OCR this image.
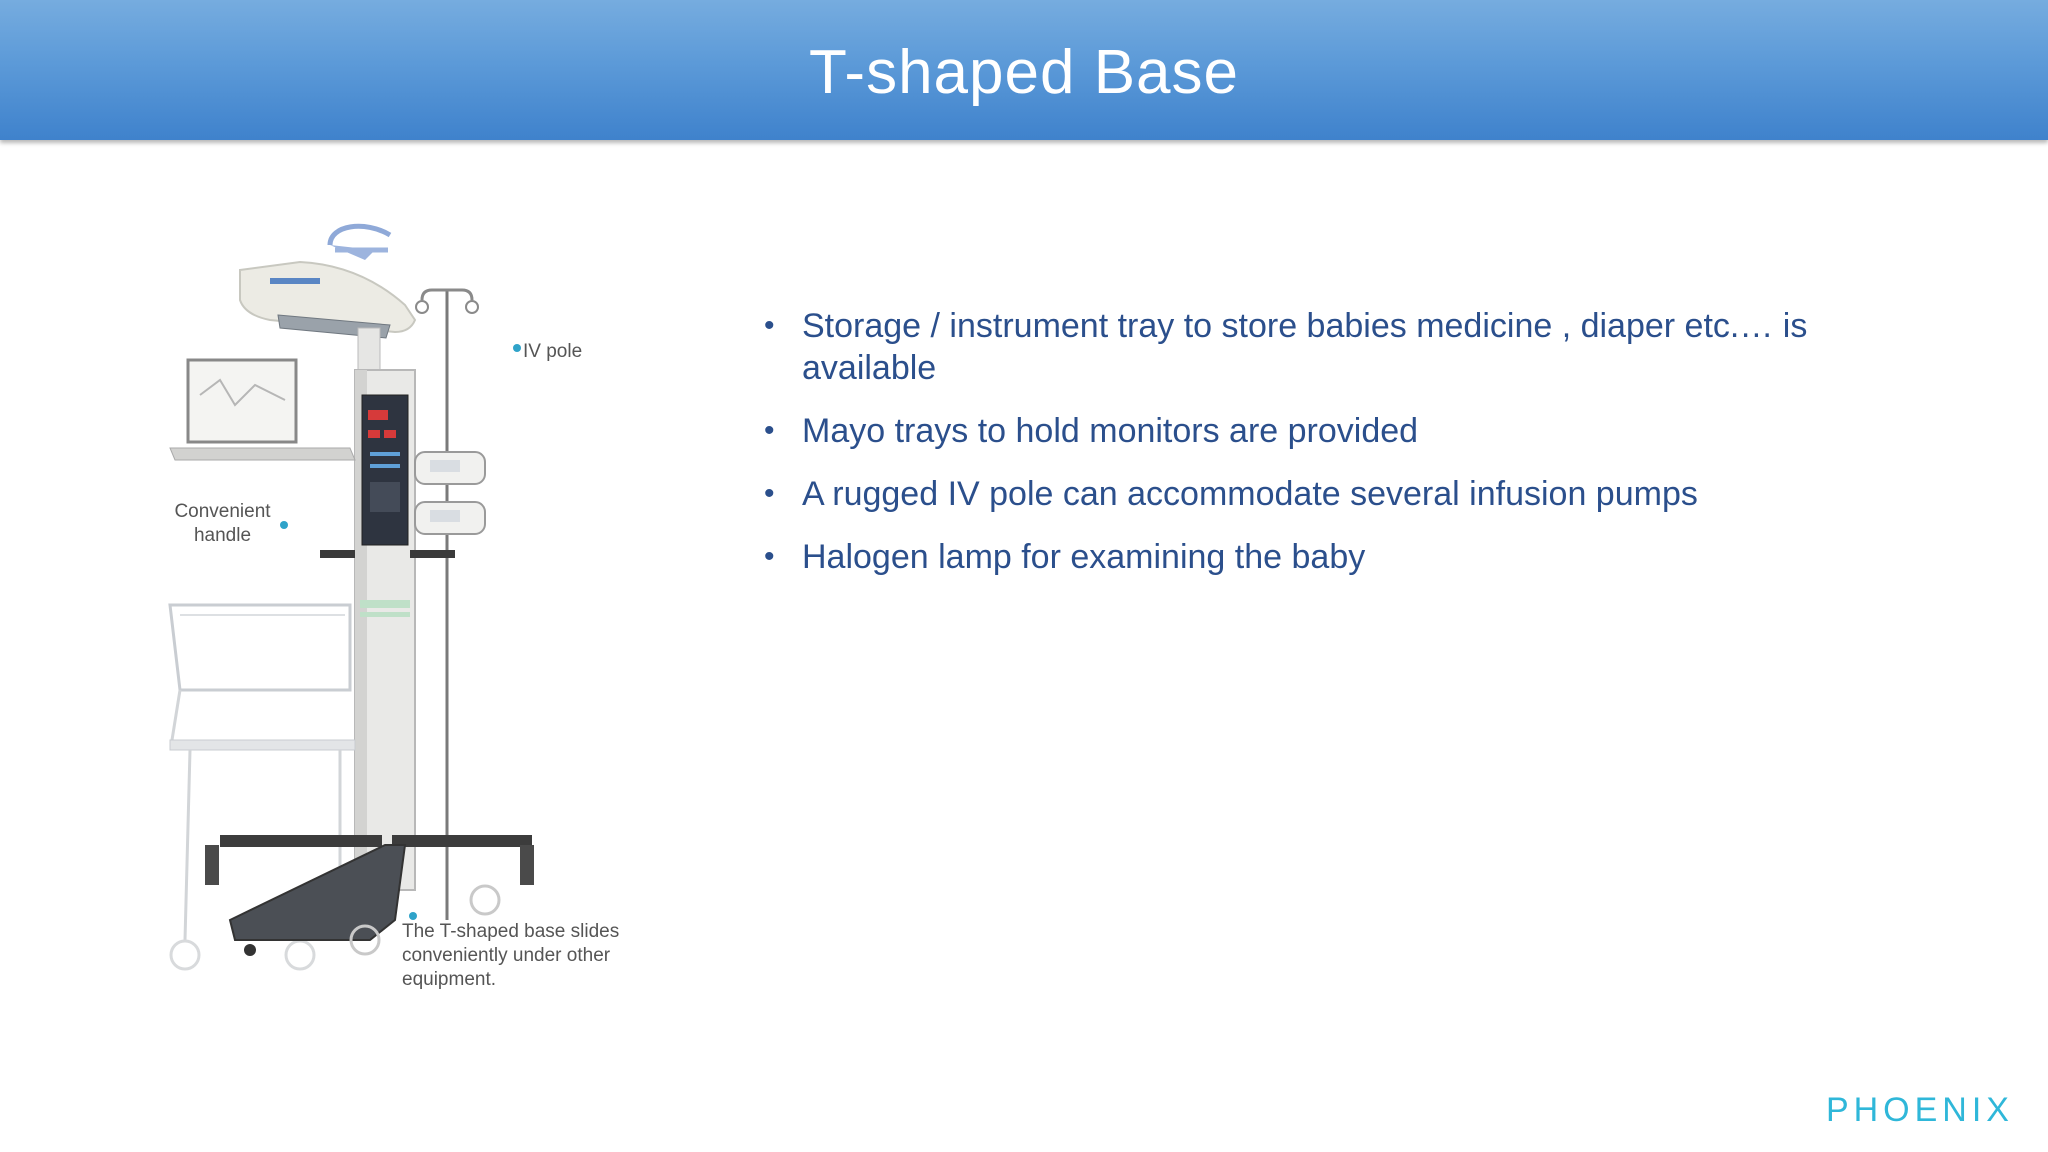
T-shaped Base
IV pole
Convenient
handle
The T-shaped base slides
conveniently under other
equipment.
• Storage / instrument tray to store babies medicine , diaper etc.… is available
• Mayo trays to hold monitors are provided
• A rugged IV pole can accommodate several infusion pumps
• Halogen lamp for examining the baby
PHOENIX
